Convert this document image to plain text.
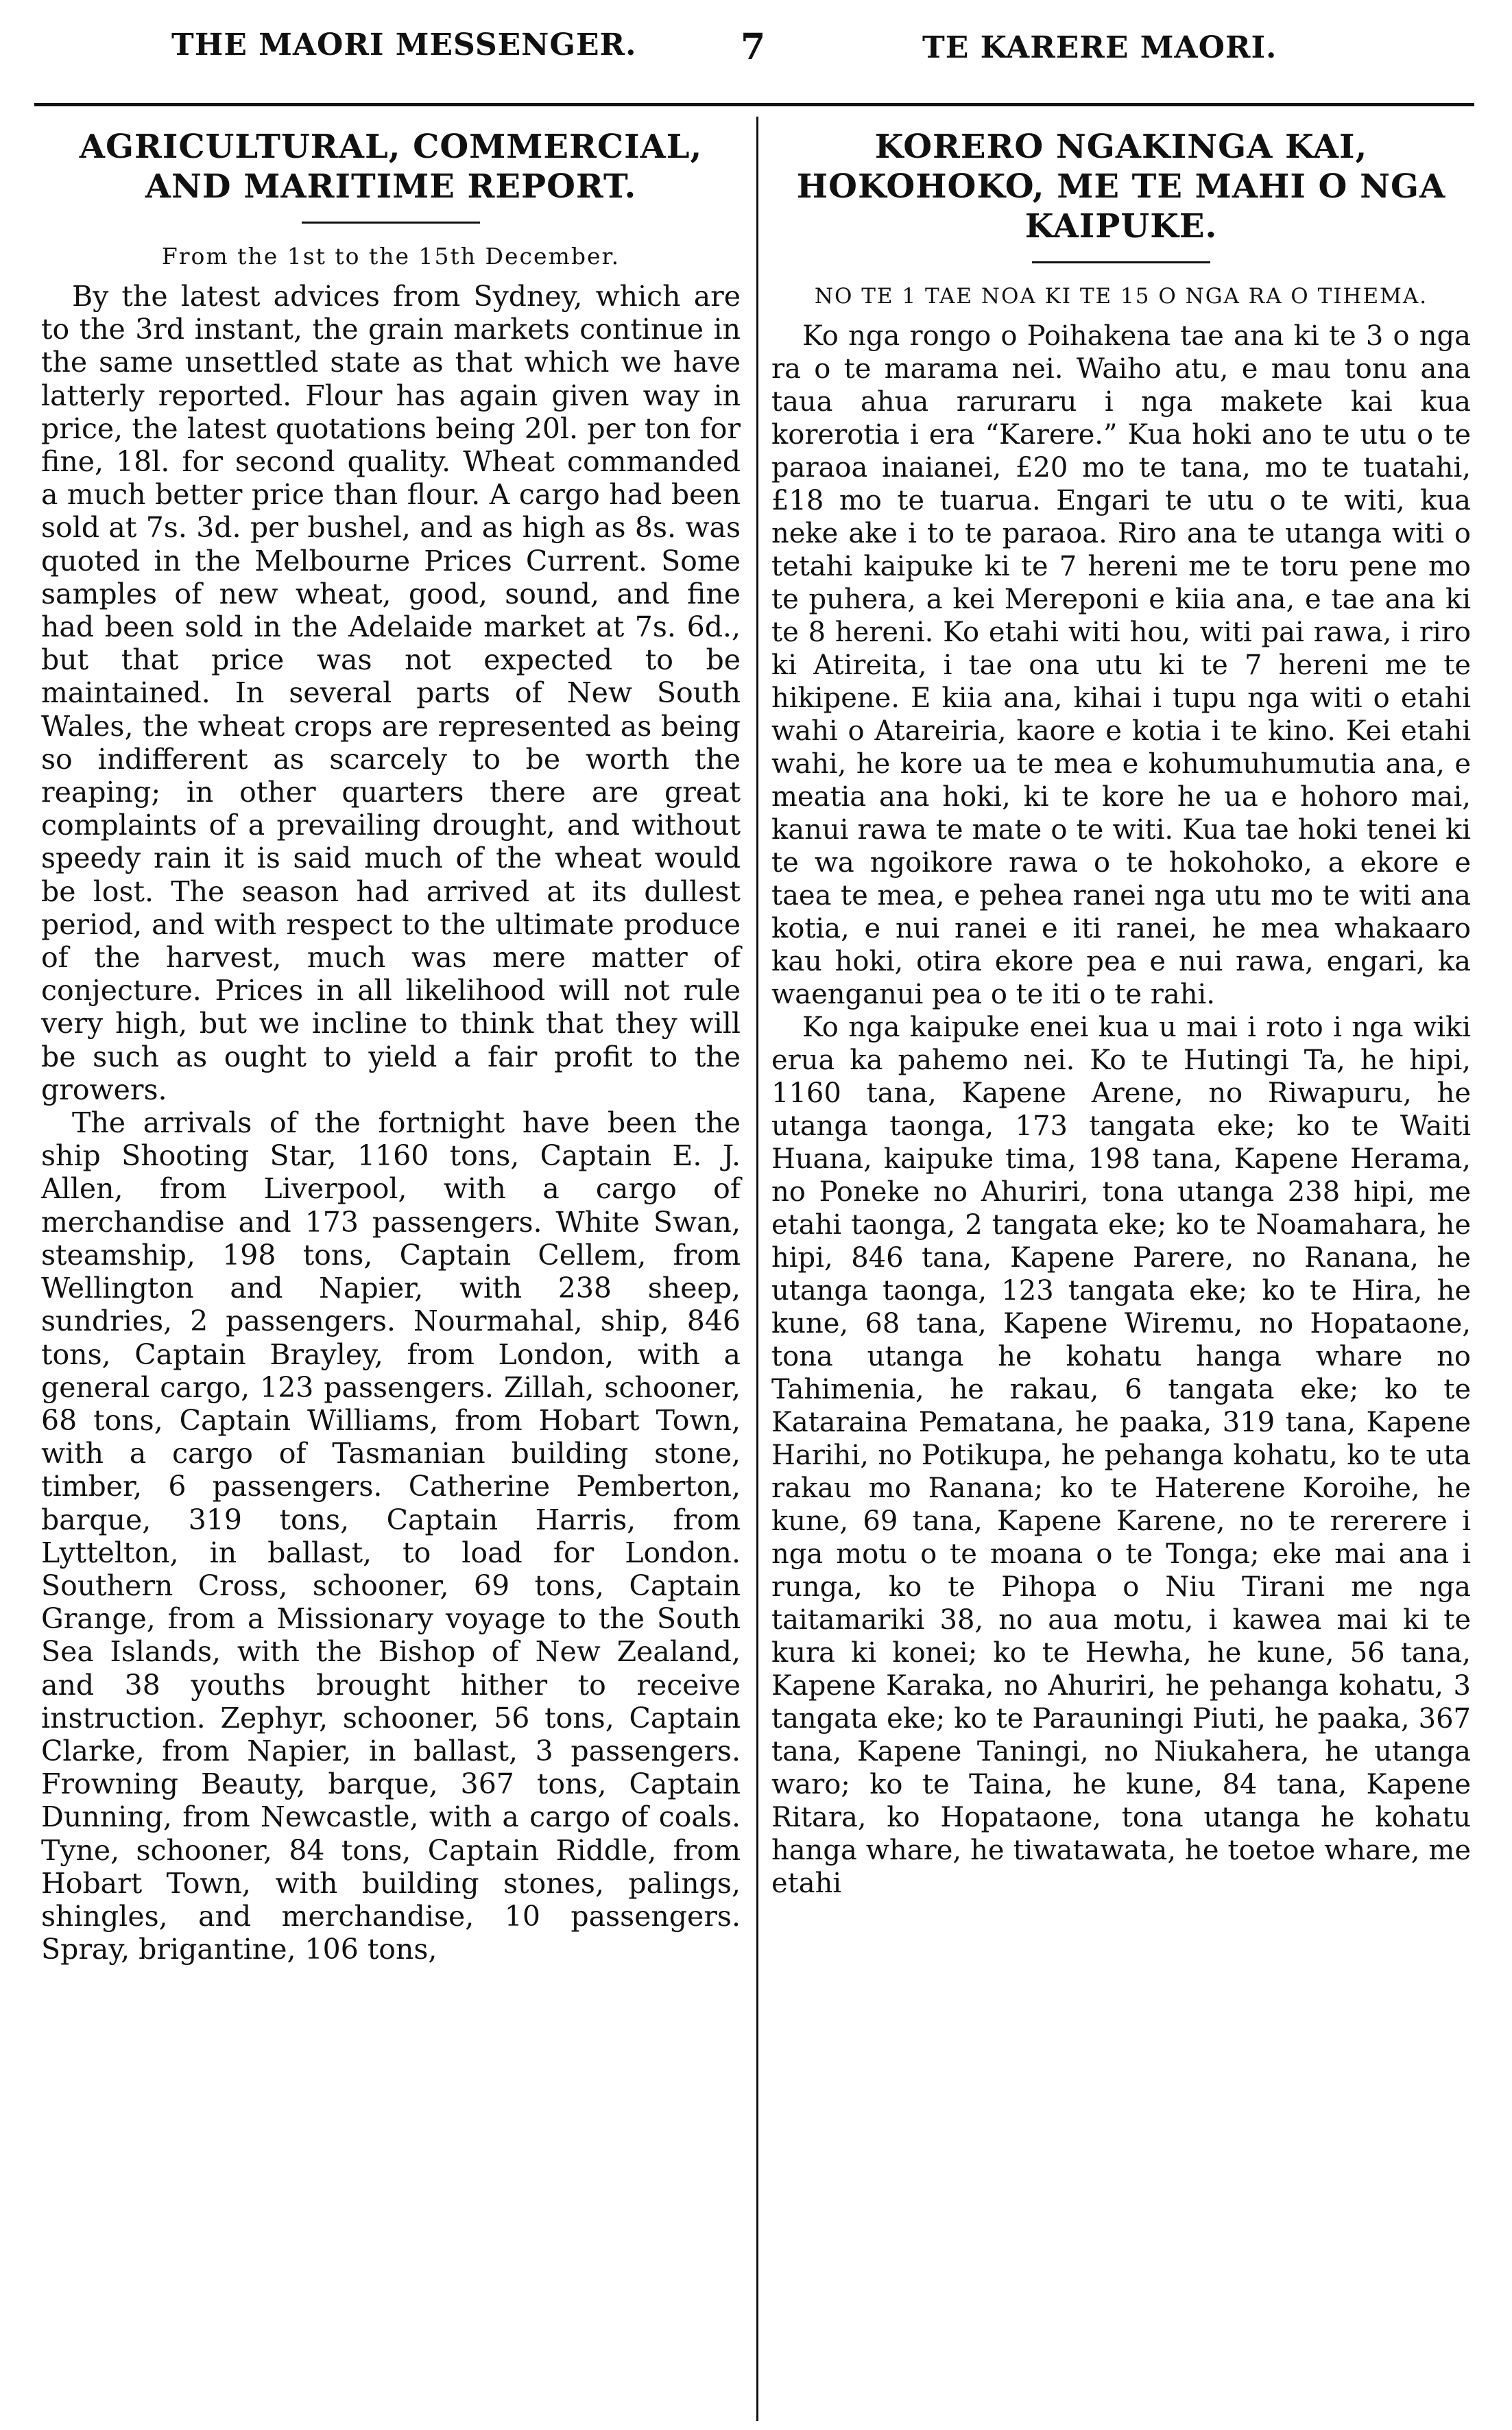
THE MAORI MESSENGER.	7	TE KARERE MAORI.
AGRICULTURAL, COMMERCIAL, AND MARITIME REPORT.

From the 1st to the 15th December.

By the latest advices from Sydney, which are to the 3rd instant, the grain markets continue in the same unsettled state as that which we have latterly reported. Flour has again given way in price, the latest quotations being 20l. per ton for fine, 18l. for second quality. Wheat commanded a much better price than flour. A cargo had been sold at 7s. 3d. per bushel, and as high as 8s. was quoted in the Melbourne Prices Current. Some samples of new wheat, good, sound, and fine had been sold in the Adelaide market at 7s. 6d., but that price was not expected to be maintained. In several parts of New South Wales, the wheat crops are represented as being so indifferent as scarcely to be worth the reaping; in other quarters there are great complaints of a prevailing drought, and without speedy rain it is said much of the wheat would be lost. The season had arrived at its dullest period, and with respect to the ultimate produce of the harvest, much was mere matter of conjecture. Prices in all likelihood will not rule very high, but we incline to think that they will be such as ought to yield a fair profit to the growers.

The arrivals of the fortnight have been the ship Shooting Star, 1160 tons, Captain E. J. Allen, from Liverpool, with a cargo of merchandise and 173 passengers. White Swan, steamship, 198 tons, Captain Cellem, from Wellington and Napier, with 238 sheep, sundries, 2 passengers. Nourmahal, ship, 846 tons, Captain Brayley, from London, with a general cargo, 123 passengers. Zillah, schooner, 68 tons, Captain Williams, from Hobart Town, with a cargo of Tasmanian building stone, timber, 6 passengers. Catherine Pemberton, barque, 319 tons, Captain Harris, from Lyttelton, in ballast, to load for London. Southern Cross, schooner, 69 tons, Captain Grange, from a Missionary voyage to the South Sea Islands, with the Bishop of New Zealand, and 38 youths brought hither to receive instruction. Zephyr, schooner, 56 tons, Captain Clarke, from Napier, in ballast, 3 passengers. Frowning Beauty, barque, 367 tons, Captain Dunning, from Newcastle, with a cargo of coals. Tyne, schooner, 84 tons, Captain Riddle, from Hobart Town, with building stones, palings, shingles, and merchandise, 10 passengers. Spray, brigantine, 106 tons,

KORERO NGAKINGA KAI, HOKOHOKO, ME TE MAHI O NGA KAIPUKE.

NO TE 1 TAE NOA KI TE 15 O NGA RA O TIHEMA.

Ko nga rongo o Poihakena tae ana ki te 3 o nga ra o te marama nei. Waiho atu, e mau tonu ana taua ahua raruraru i nga makete kai kua korerotia i era “Karere.” Kua hoki ano te utu o te paraoa inaianei, £20 mo te tana, mo te tuatahi, £18 mo te tuarua. Engari te utu o te witi, kua neke ake i to te paraoa. Riro ana te utanga witi o tetahi kaipuke ki te 7 hereni me te toru pene mo te puhera, a kei Mereponi e kiia ana, e tae ana ki te 8 hereni. Ko etahi witi hou, witi pai rawa, i riro ki Atireita, i tae ona utu ki te 7 hereni me te hikipene. E kiia ana, kihai i tupu nga witi o etahi wahi o Atareiria, kaore e kotia i te kino. Kei etahi wahi, he kore ua te mea e kohumuhumutia ana, e meatia ana hoki, ki te kore he ua e hohoro mai, kanui rawa te mate o te witi. Kua tae hoki tenei ki te wa ngoikore rawa o te hokohoko, a ekore e taea te mea, e pehea ranei nga utu mo te witi ana kotia, e nui ranei e iti ranei, he mea whakaaro kau hoki, otira ekore pea e nui rawa, engari, ka waenganui pea o te iti o te rahi.

Ko nga kaipuke enei kua u mai i roto i nga wiki erua ka pahemo nei. Ko te Hutingi Ta, he hipi, 1160 tana, Kapene Arene, no Riwapuru, he utanga taonga, 173 tangata eke; ko te Waiti Huana, kaipuke tima, 198 tana, Kapene Herama, no Poneke no Ahuriri, tona utanga 238 hipi, me etahi taonga, 2 tangata eke; ko te Noamahara, he hipi, 846 tana, Kapene Parere, no Ranana, he utanga taonga, 123 tangata eke; ko te Hira, he kune, 68 tana, Kapene Wiremu, no Hopataone, tona utanga he kohatu hanga whare no Tahimenia, he rakau, 6 tangata eke; ko te Kataraina Pematana, he paaka, 319 tana, Kapene Harihi, no Potikupa, he pehanga kohatu, ko te uta rakau mo Ranana; ko te Haterene Koroihe, he kune, 69 tana, Kapene Karene, no te rererere i nga motu o te moana o te Tonga; eke mai ana i runga, ko te Pihopa o Niu Tirani me nga taitamariki 38, no aua motu, i kawea mai ki te kura ki konei; ko te Hewha, he kune, 56 tana, Kapene Karaka, no Ahuriri, he pehanga kohatu, 3 tangata eke; ko te Parauningi Piuti, he paaka, 367 tana, Kapene Taningi, no Niukahera, he utanga waro; ko te Taina, he kune, 84 tana, Kapene Ritara, ko Hopataone, tona utanga he kohatu hanga whare, he tiwatawata, he toetoe whare, me etahi
